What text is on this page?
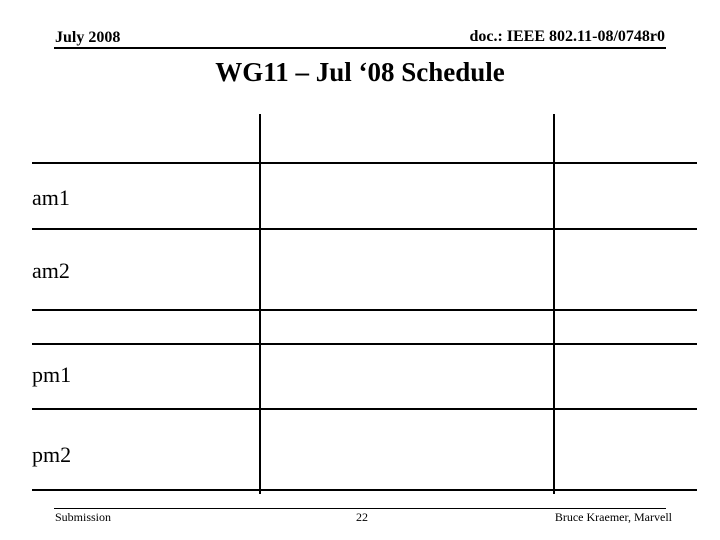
July 2008	doc.: IEEE 802.11-08/0748r0
WG11 – Jul ‘08 Schedule
am1
am2
pm1
pm2
Submission	22	Bruce Kraemer, Marvell
